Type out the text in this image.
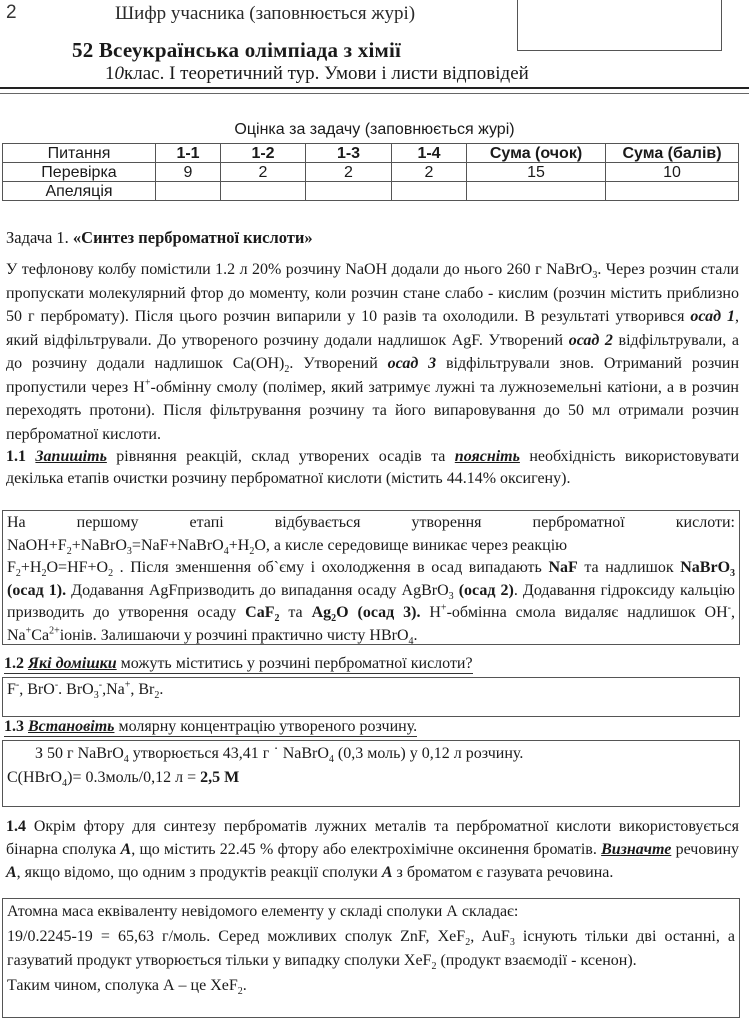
2	Шифр учасника (заповнюється журі)
52 Всеукраїнська олімпіада з хімії
10клас. І теоретичний тур. Умови і листи відповідей
Оцінка за задачу (заповнюється журі)
Питання	1-1	1-2	1-3	1-4	Сума (очок)	Сума (балів)
Перевірка	9	2	2	2	15	10
Апеляція						
Задача 1. «Синтез перброматної кислоти»
У тефлонову колбу помістили 1.2 л 20% розчину NaOH додали до нього 260 г NaBrO$_3$. Через розчин стали пропускати молекулярний фтор до моменту, коли розчин стане слабо - кислим (розчин містить приблизно 50 г пербромату). Після цього розчин випарили у 10 разів та охолодили. В результаті утворився осад 1, який відфільтрували. До утвореного розчину додали надлишок AgF. Утворений осад 2 відфільтрували, а до розчину додали надлишок $Ca(OH)_2$. Утворений осад 3 відфільтрували знов. Отриманий розчин пропустили через H+-обмінну смолу (полімер, який затримує лужні та лужноземельні катіони, а в розчин переходять протони). Після фільтрування розчину та його випаровування до 50 мл отримали розчин перброматної кислоти.
1.1 Запишіть рівняння реакцій, склад утворених осадів та поясніть необхідність використовувати декілька етапів очистки розчину перброматної кислоти (містить 44.14% оксигену).
На першому етапі відбувається утворення перброматної кислоти:
$NaOH+F_2+NaBrO_3=NaF+NaBrO_4+H_2O$, а кисле середовище виникає через реакцію
$F_2+H_2O=HF+O_2$ . Після зменшення об`єму і охолодження в осад випадають NaF та надлишок NaBrO$_3$ (осад 1). Додавання AgFпризводить до випадання осаду AgBrO$_3$ (осад 2). Додавання гідроксиду кальцію призводить до утворення осаду CaF$_2$ та $Ag_2O$ (осад 3). H+-обмінна смола видаляє надлишок OH-, $Na^+Ca^{2+}іонів$. Залишаючи у розчині практично чисту HBrO$_4$.
1.2 Які домішки можуть міститись у розчині перброматної кислоти?
F-, BrO-. BrO$_3$-,Na+, $Br_2$.
1.3 Встановіть молярну концентрацію утвореного розчину.
З 50 г NaBrO$_4$ утворюється 43,41 г ˙ NaBrO$_4$ (0,3 моль) у 0,12 л розчину.
C(HBrO$_4$)= 0.3моль/0,12 л = 2,5 M
1.4 Окрім фтору для синтезу перброматів лужних металів та перброматної кислоти використовується бінарна сполука A, що містить 22.45 % фтору або електрохімічне оксинення броматів. Визначте речовину A, якщо відомо, що одним з продуктів реакції сполуки A з броматом є газувата речовина.
Атомна маса еквіваленту невідомого елементу у складі сполуки А складає:
19/0.2245-19 = 65,63 г/моль. Серед можливих сполук ZnF, XeF$_2$, AuF$_3$ існують тільки дві останні, а газуватий продукт утворюється тільки у випадку сполуки XeF$_2$ (продукт взаємодії - ксенон).
Таким чином, сполука А – це XeF$_2$.
